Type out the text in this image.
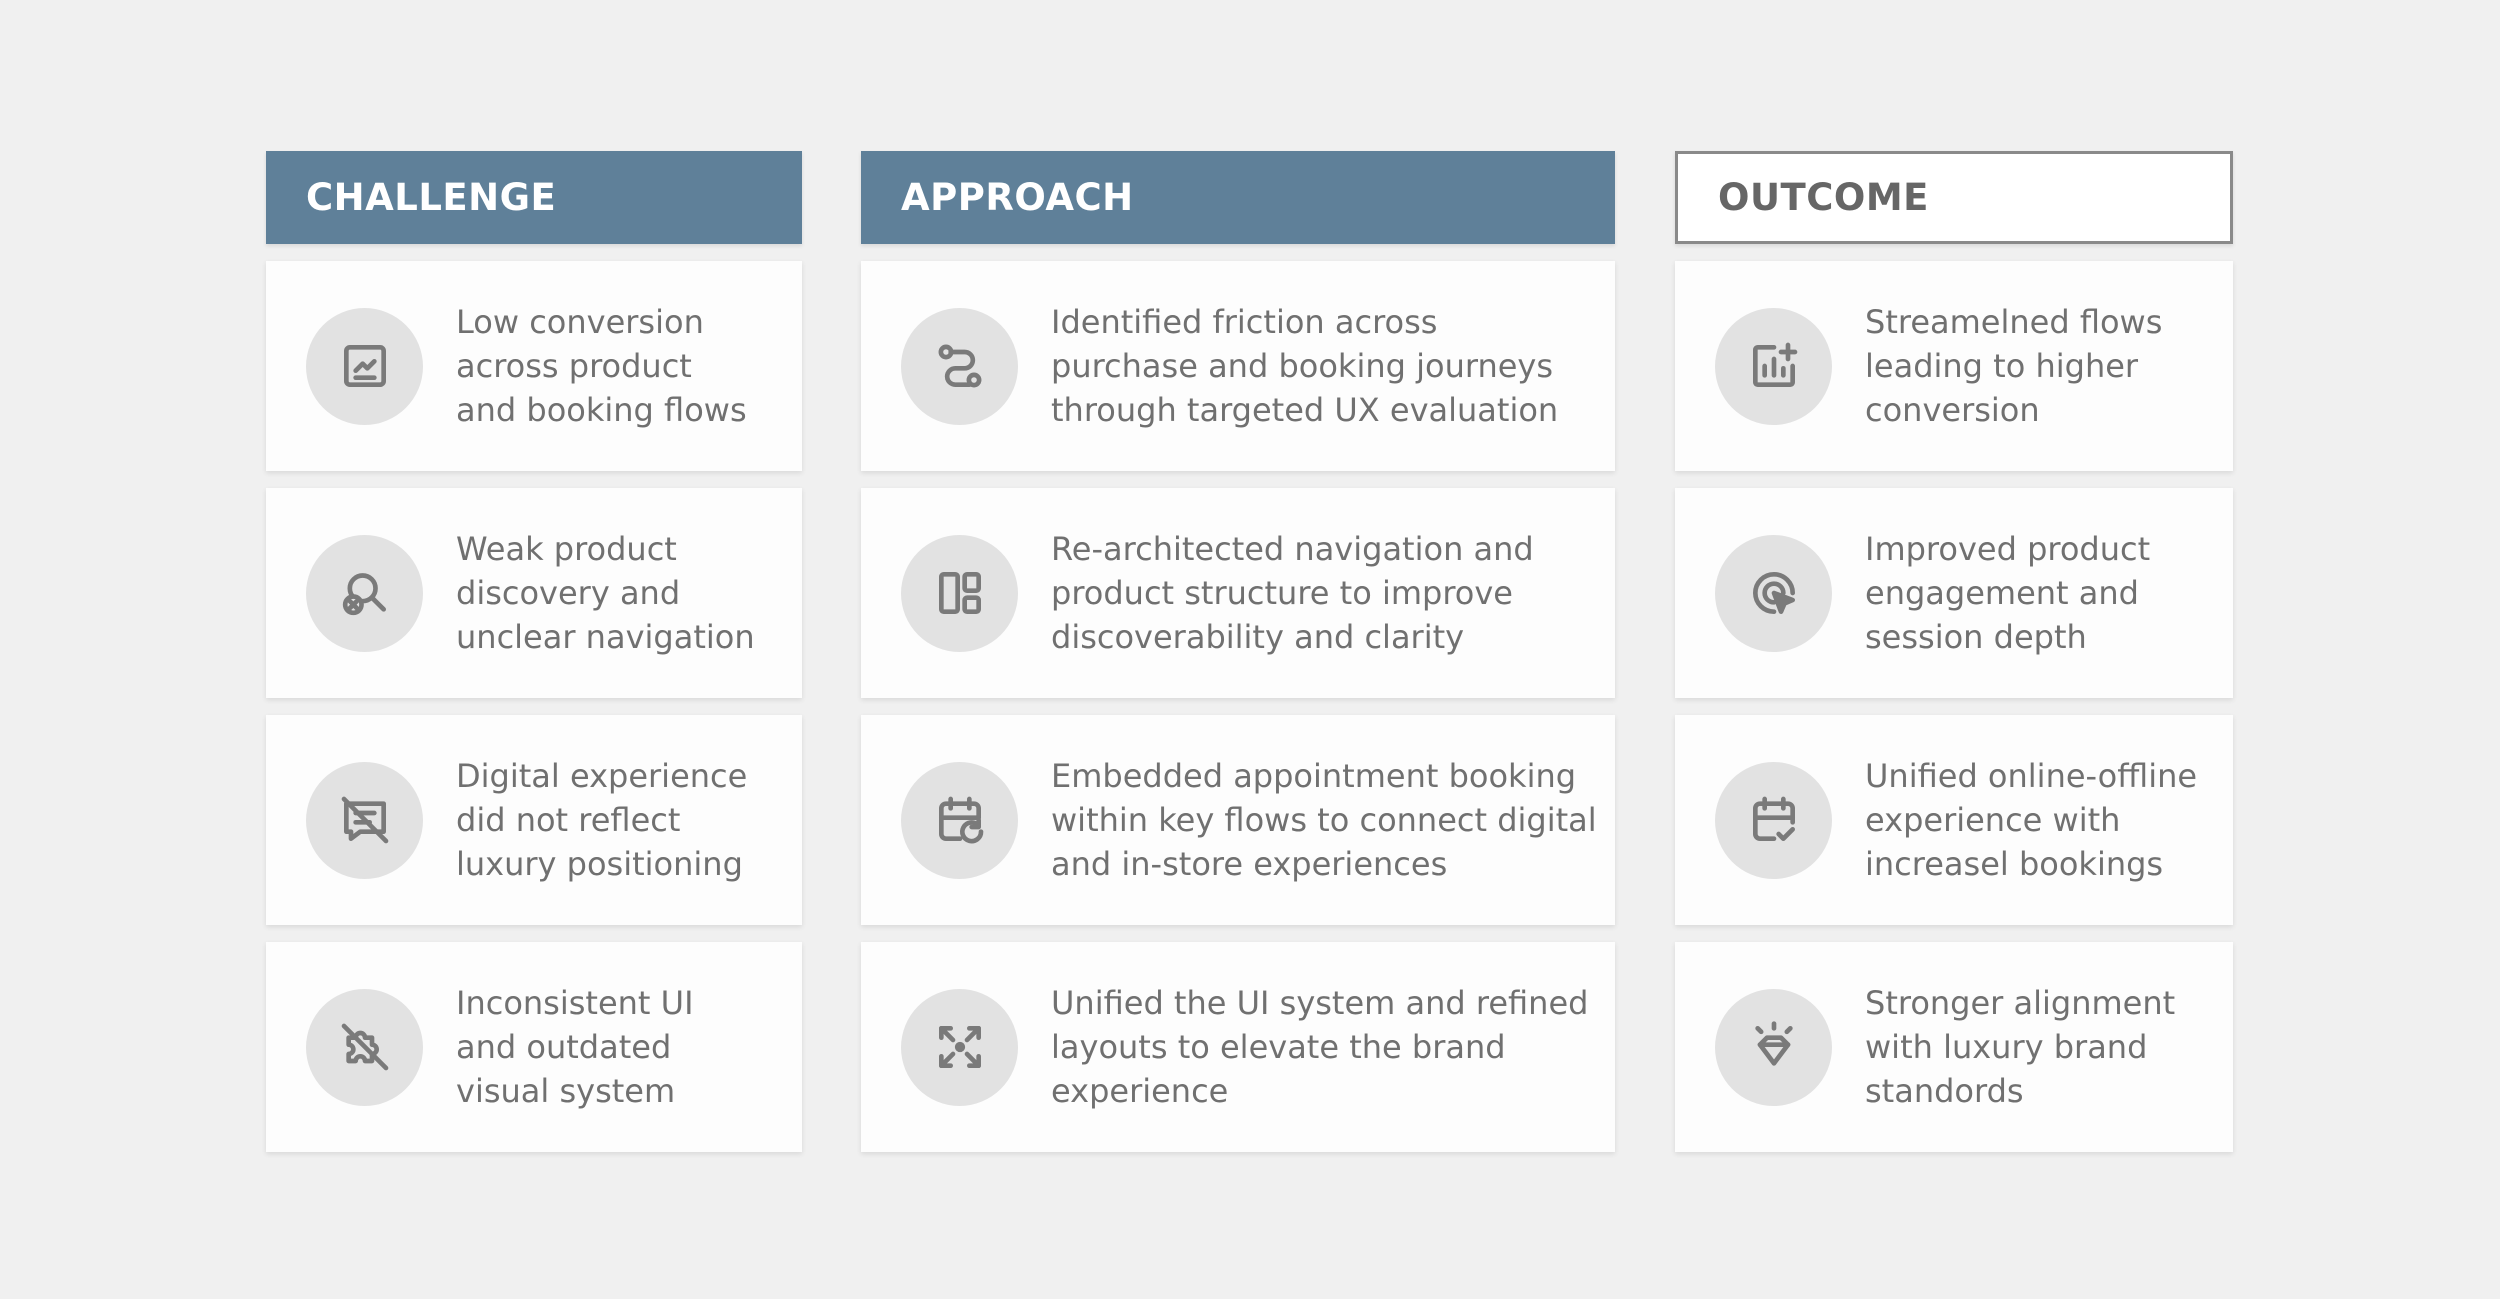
CHALLENGE
Low conversion
across product
and booking flows
Weak product
discovery and
unclear navigation
Digital experience
did not reflect
luxury positioning
Inconsistent UI
and outdated
visual system
APPROACH
Identified friction across
purchase and booking journeys
through targeted UX evaluation
Re-architected navigation and
product structure to improve
discoverability and clarity
Embedded appointment booking
within key flows to connect digital
and in-store experiences
Unified the UI system and refined
layouts to elevate the brand
experience
OUTCOME
Streamelned flows
leading to higher
conversion
Improved product
engagement and
session depth
Unified online-offline
experience with
increasel bookings
Stronger alignment
with luxury brand
standords
